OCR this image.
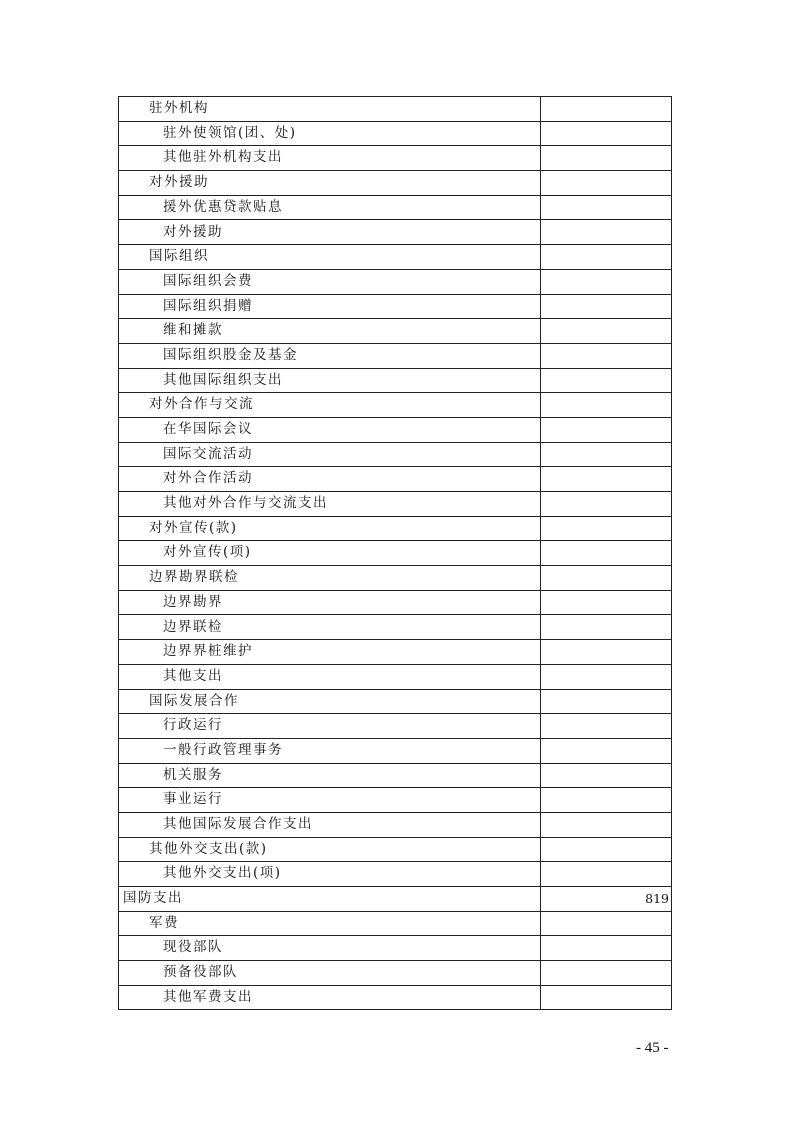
驻外机构	
驻外使领馆(团、处)	
其他驻外机构支出	
对外援助	
援外优惠贷款贴息	
对外援助	
国际组织	
国际组织会费	
国际组织捐赠	
维和摊款	
国际组织股金及基金	
其他国际组织支出	
对外合作与交流	
在华国际会议	
国际交流活动	
对外合作活动	
其他对外合作与交流支出	
对外宣传(款)	
对外宣传(项)	
边界勘界联检	
边界勘界	
边界联检	
边界界桩维护	
其他支出	
国际发展合作	
行政运行	
一般行政管理事务	
机关服务	
事业运行	
其他国际发展合作支出	
其他外交支出(款)	
其他外交支出(项)	
国防支出	819
军费	
现役部队	
预备役部队	
其他军费支出	
- 45 -
